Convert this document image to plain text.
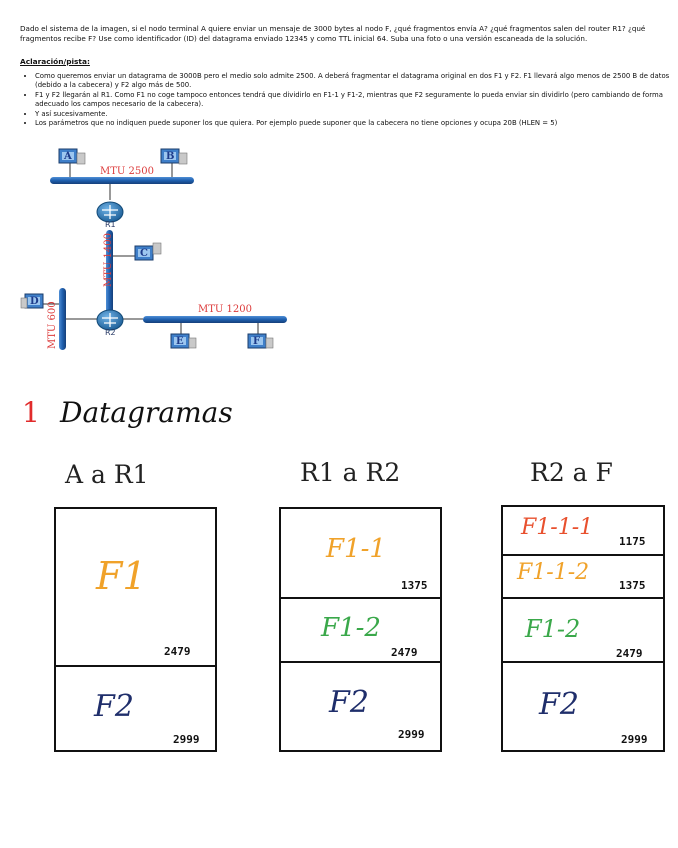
Dado el sistema de la imagen, si el nodo terminal A quiere enviar un mensaje de 3000 bytes al nodo F, ¿qué fragmentos envía A? ¿qué fragmentos salen del router R1? ¿qué fragmentos recibe F? Use como identificador (ID) del datagrama enviado 12345 y como TTL inicial 64. Suba una foto o una versión escaneada de la solución.
Aclaración/pista:
• Como queremos enviar un datagrama de 3000B pero el medio solo admite 2500. A deberá fragmentar el datagrama original en dos F1 y F2. F1 llevará algo menos de 2500 B de datos (debido a la cabecera) y F2 algo más de 500.
• F1 y F2 llegarán al R1. Como F1 no coge tampoco entonces tendrá que dividirlo en F1-1 y F1-2, mientras que F2 seguramente lo pueda enviar sin dividirlo (pero cambiando de forma adecuado los campos necesario de la cabecera).
• Y así sucesivamente.
• Los parámetros que no indiquen puede suponer los que quiera. Por ejemplo puede suponer que la cabecera no tiene opciones y ocupa 20B (HLEN = 5)
MTU 2500
MTU 1200
MTU 1400
MTU 600
A	B
C
D
E	F
R1
R2
1 Datagramas
A a R1	R1 a R2	R2 a F
F1
2479
F2
2999
F1-1
1375
F1-2
2479
F2
2999
F1-1-1
1175
F1-1-2
1375
F1-2
2479
F2
2999
